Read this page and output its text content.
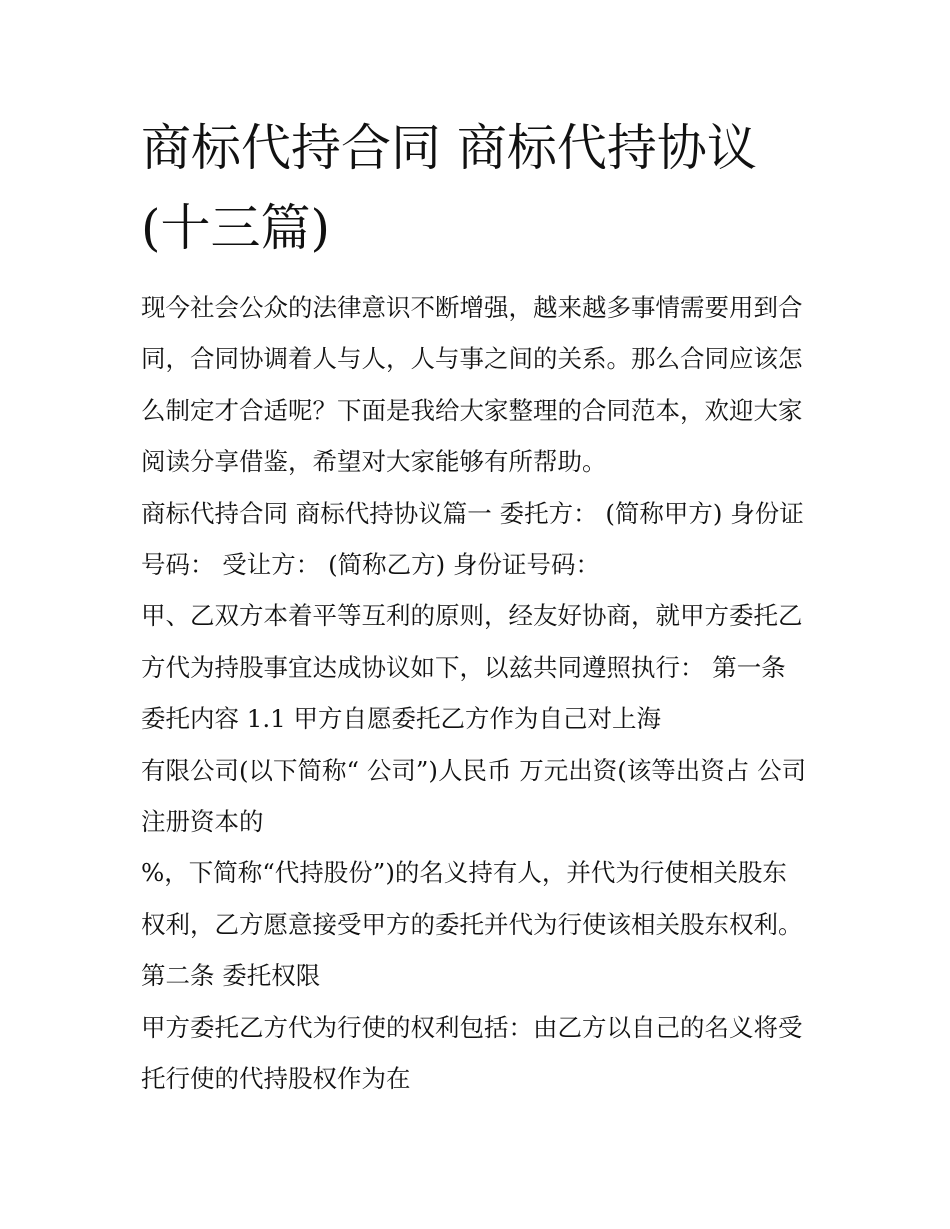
商标代持合同 商标代持协议
(十三篇)

现今社会公众的法律意识不断增强，越来越多事情需要用到合
同，合同协调着人与人，人与事之间的关系。那么合同应该怎
么制定才合适呢？下面是我给大家整理的合同范本，欢迎大家
阅读分享借鉴，希望对大家能够有所帮助。

商标代持合同 商标代持协议篇一 委托方： (简称甲方) 身份证
号码： 受让方： (简称乙方) 身份证号码：

甲、乙双方本着平等互利的原则，经友好协商，就甲方委托乙
方代为持股事宜达成协议如下，以兹共同遵照执行： 第一条
委托内容 1.1 甲方自愿委托乙方作为自己对上海

有限公司(以下简称“ 公司”)人民币 万元出资(该等出资占 公司
注册资本的

%，下简称“代持股份”)的名义持有人，并代为行使相关股东
权利，乙方愿意接受甲方的委托并代为行使该相关股东权利。
第二条 委托权限

甲方委托乙方代为行使的权利包括：由乙方以自己的名义将受
托行使的代持股权作为在
